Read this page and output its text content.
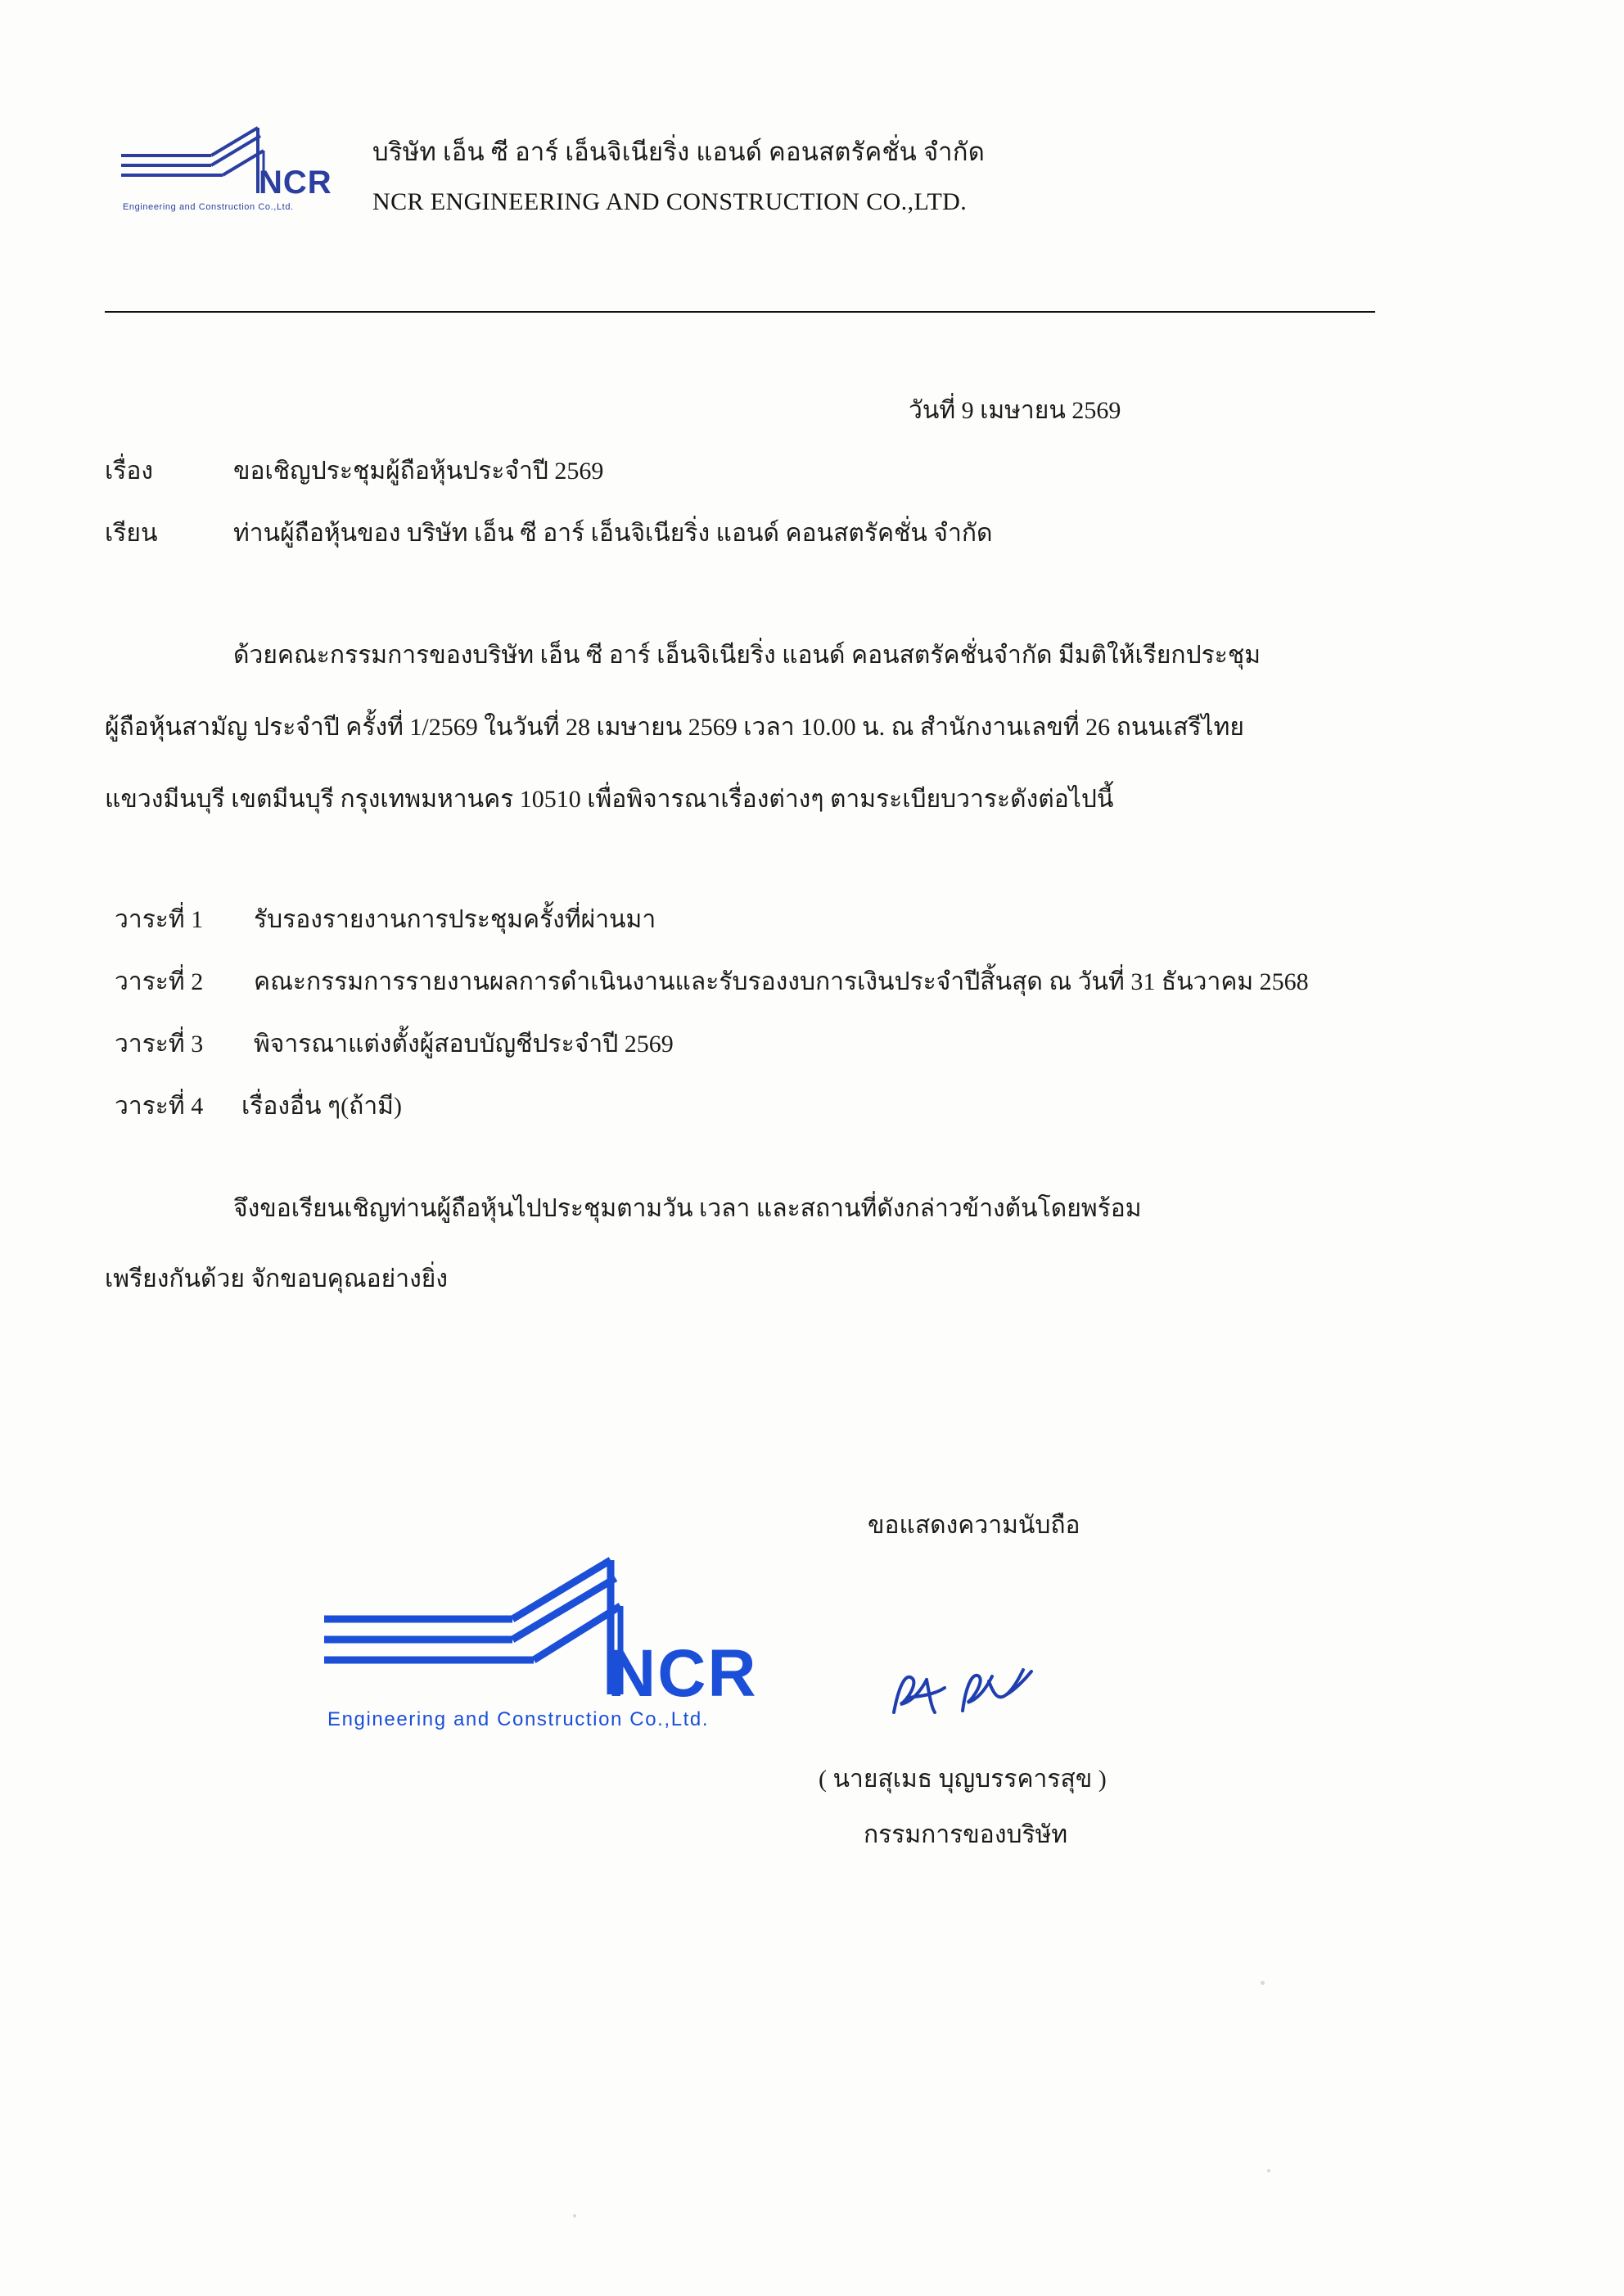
NCR
Engineering and Construction Co.,Ltd.
บริษัท เอ็น ซี อาร์ เอ็นจิเนียริ่ง แอนด์ คอนสตรัคชั่น จำกัด
NCR ENGINEERING AND CONSTRUCTION CO.,LTD.
วันที่ 9 เมษายน 2569
เรื่อง	ขอเชิญประชุมผู้ถือหุ้นประจำปี 2569
เรียน	ท่านผู้ถือหุ้นของ บริษัท เอ็น ซี อาร์ เอ็นจิเนียริ่ง แอนด์ คอนสตรัคชั่น จำกัด
ด้วยคณะกรรมการของบริษัท เอ็น ซี อาร์ เอ็นจิเนียริ่ง แอนด์ คอนสตรัคชั่นจำกัด มีมติให้เรียกประชุม
ผู้ถือหุ้นสามัญ ประจำปี ครั้งที่ 1/2569 ในวันที่ 28 เมษายน 2569 เวลา 10.00 น. ณ สำนักงานเลขที่ 26 ถนนเสรีไทย
แขวงมีนบุรี เขตมีนบุรี กรุงเทพมหานคร 10510 เพื่อพิจารณาเรื่องต่างๆ ตามระเบียบวาระดังต่อไปนี้
วาระที่ 1 รับรองรายงานการประชุมครั้งที่ผ่านมา
วาระที่ 2 คณะกรรมการรายงานผลการดำเนินงานและรับรองงบการเงินประจำปีสิ้นสุด ณ วันที่ 31 ธันวาคม 2568
วาระที่ 3 พิจารณาแต่งตั้งผู้สอบบัญชีประจำปี 2569
วาระที่ 4 เรื่องอื่น ๆ(ถ้ามี)
จึงขอเรียนเชิญท่านผู้ถือหุ้นไปประชุมตามวัน เวลา และสถานที่ดังกล่าวข้างต้นโดยพร้อม
เพรียงกันด้วย จักขอบคุณอย่างยิ่ง
ขอแสดงความนับถือ
NCR
Engineering and Construction Co.,Ltd.
( นายสุเมธ บุญบรรคารสุข )
กรรมการของบริษัท
